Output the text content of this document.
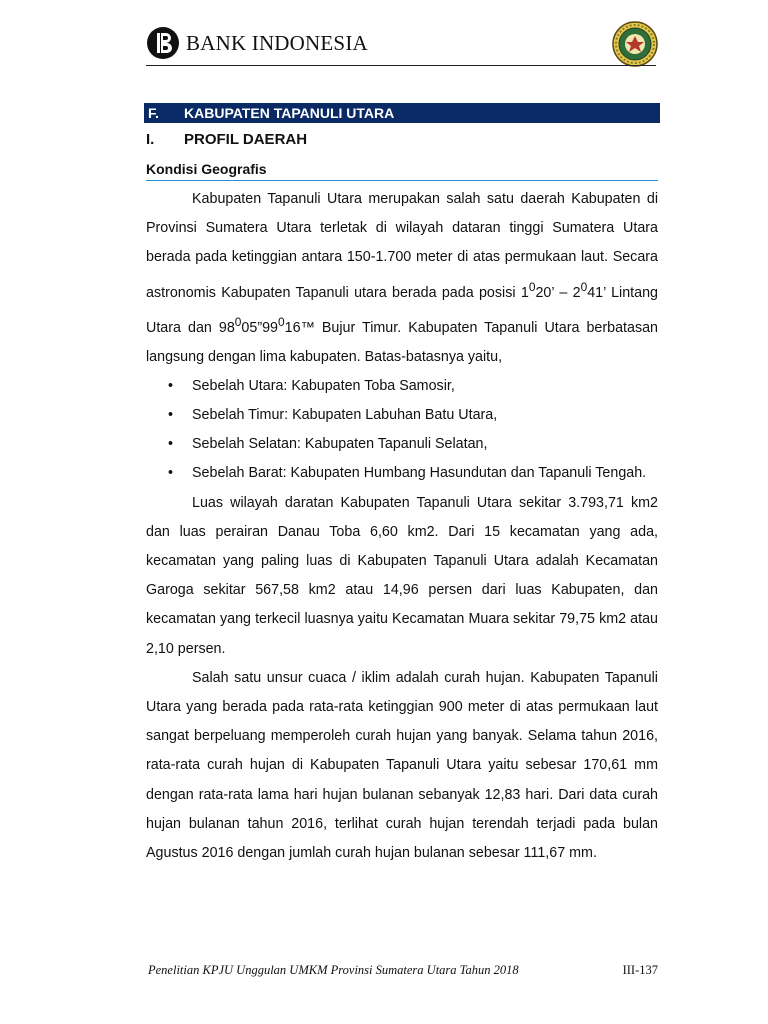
BANK INDONESIA
F. KABUPATEN TAPANULI UTARA
I. PROFIL DAERAH
Kondisi Geografis

Kabupaten Tapanuli Utara merupakan salah satu daerah Kabupaten di Provinsi Sumatera Utara terletak di wilayah dataran tinggi Sumatera Utara berada pada ketinggian antara 150-1.700 meter di atas permukaan laut. Secara astronomis Kabupaten Tapanuli utara berada pada posisi $1^020$’ – $2^041$’ Lintang Utara dan $98^005”99^016™$ Bujur Timur. Kabupaten Tapanuli Utara berbatasan langsung dengan lima kabupaten. Batas-batasnya yaitu,

• Sebelah Utara: Kabupaten Toba Samosir,
• Sebelah Timur: Kabupaten Labuhan Batu Utara,
• Sebelah Selatan: Kabupaten Tapanuli Selatan,
• Sebelah Barat: Kabupaten Humbang Hasundutan dan Tapanuli Tengah.

Luas wilayah daratan Kabupaten Tapanuli Utara sekitar 3.793,71 km2 dan luas perairan Danau Toba 6,60 km2. Dari 15 kecamatan yang ada, kecamatan yang paling luas di Kabupaten Tapanuli Utara adalah Kecamatan Garoga sekitar 567,58 km2 atau 14,96 persen dari luas Kabupaten, dan kecamatan yang terkecil luasnya yaitu Kecamatan Muara sekitar 79,75 km2 atau 2,10 persen.

Salah satu unsur cuaca / iklim adalah curah hujan. Kabupaten Tapanuli Utara yang berada pada rata-rata ketinggian 900 meter di atas permukaan laut sangat berpeluang memperoleh curah hujan yang banyak. Selama tahun 2016, rata-rata curah hujan di Kabupaten Tapanuli Utara yaitu sebesar 170,61 mm dengan rata-rata lama hari hujan bulanan sebanyak 12,83 hari. Dari data curah hujan bulanan tahun 2016, terlihat curah hujan terendah terjadi pada bulan Agustus 2016 dengan jumlah curah hujan bulanan sebesar 111,67 mm.

Penelitian KPJU Unggulan UMKM Provinsi Sumatera Utara Tahun 2018	III-137
